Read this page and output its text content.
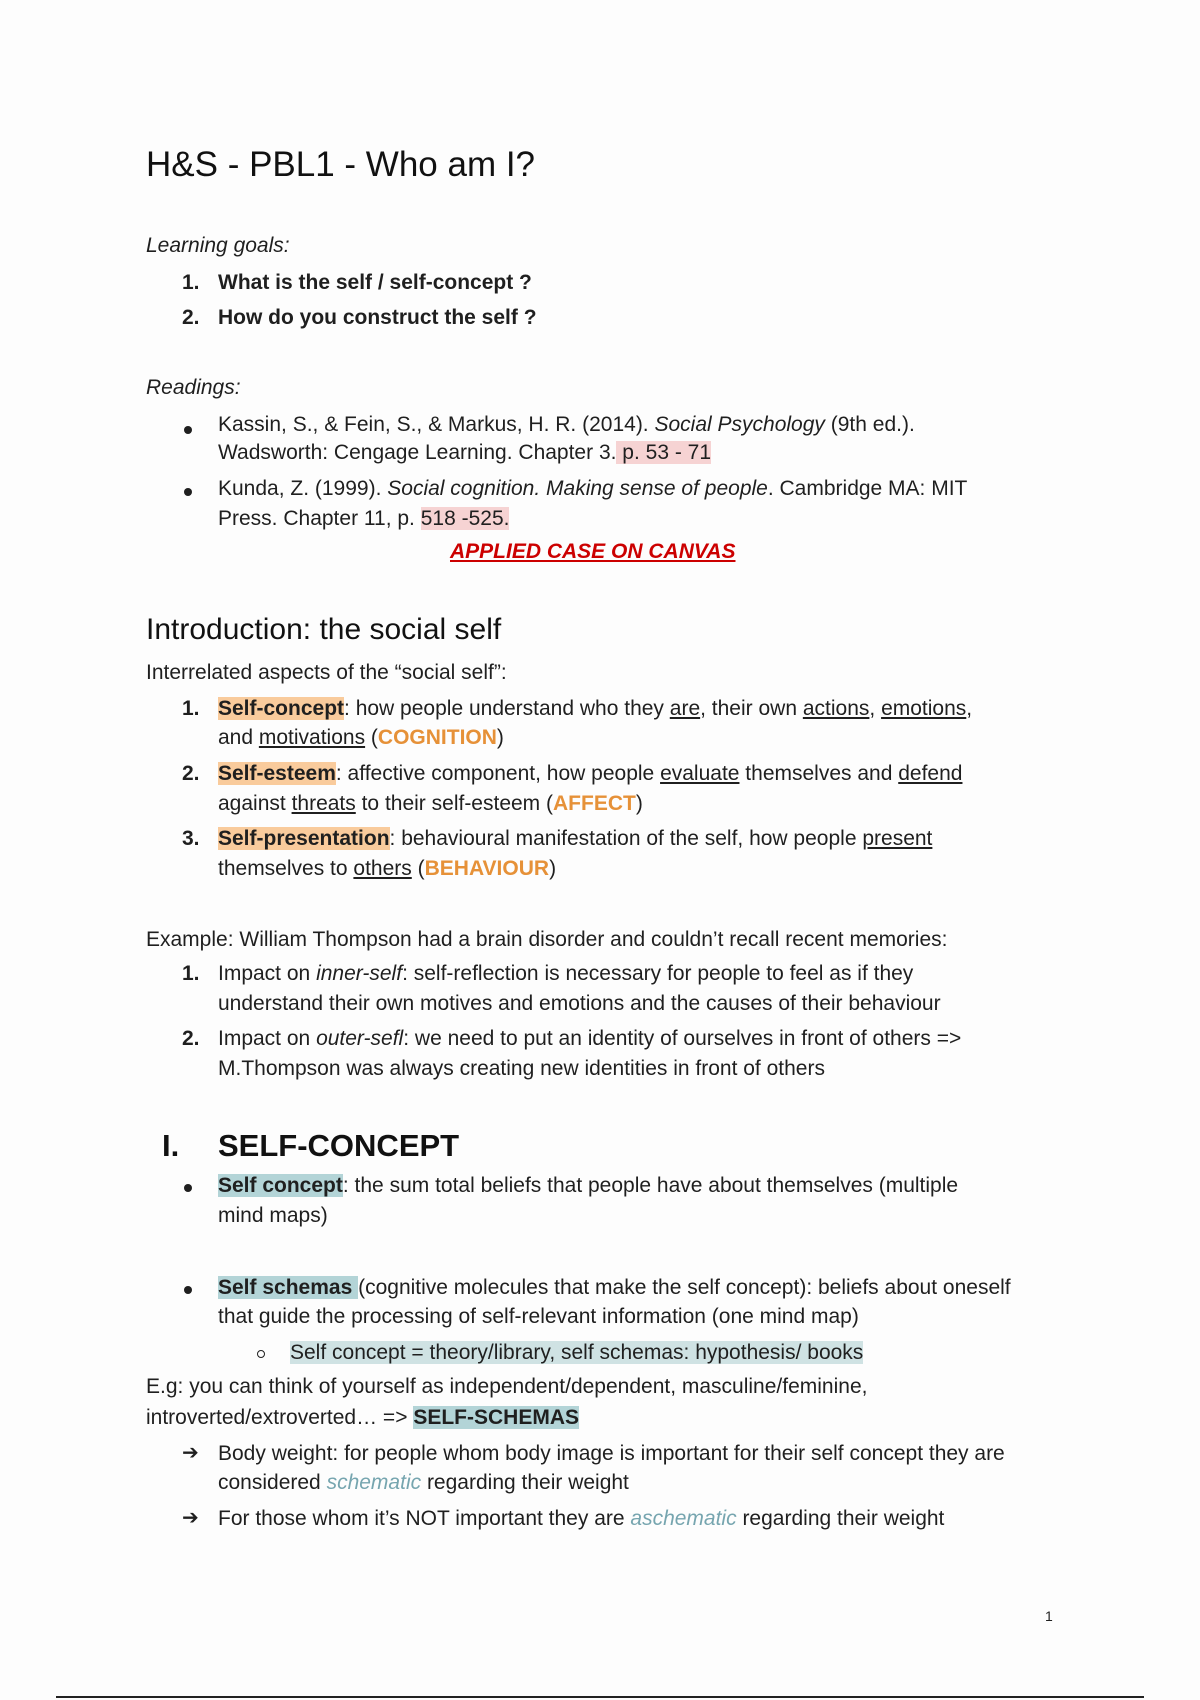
H&S - PBL1 - Who am I?
Learning goals:
1. What is the self / self-concept ?
2. How do you construct the self ?
Readings:
Kassin, S., & Fein, S., & Markus, H. R. (2014). Social Psychology (9th ed.).
Wadsworth: Cengage Learning. Chapter 3. p. 53 - 71
Kunda, Z. (1999). Social cognition. Making sense of people. Cambridge MA: MIT
Press. Chapter 11, p. 518 -525.
APPLIED CASE ON CANVAS
Introduction: the social self
Interrelated aspects of the “social self”:
1. Self-concept: how people understand who they are, their own actions, emotions,
and motivations (COGNITION)
2. Self-esteem: affective component, how people evaluate themselves and defend
against threats to their self-esteem (AFFECT)
3. Self-presentation: behavioural manifestation of the self, how people present
themselves to others (BEHAVIOUR)
Example: William Thompson had a brain disorder and couldn’t recall recent memories:
1. Impact on inner-self: self-reflection is necessary for people to feel as if they
understand their own motives and emotions and the causes of their behaviour
2. Impact on outer-sefl: we need to put an identity of ourselves in front of others =>
M.Thompson was always creating new identities in front of others
I. SELF-CONCEPT
Self concept: the sum total beliefs that people have about themselves (multiple
mind maps)
Self schemas (cognitive molecules that make the self concept): beliefs about oneself
that guide the processing of self-relevant information (one mind map)
Self concept = theory/library, self schemas: hypothesis/ books
E.g: you can think of yourself as independent/dependent, masculine/feminine,
introverted/extroverted… => SELF-SCHEMAS
➔ Body weight: for people whom body image is important for their self concept they are
considered schematic regarding their weight
➔ For those whom it’s NOT important they are aschematic regarding their weight
1
